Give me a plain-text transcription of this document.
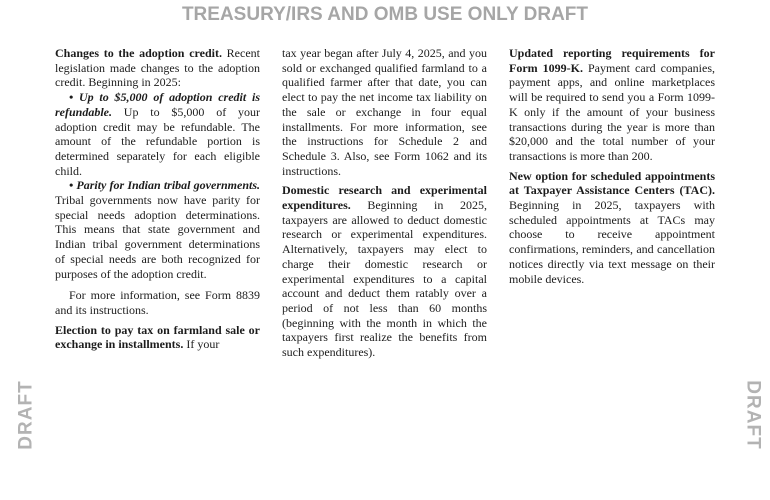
TREASURY/IRS AND OMB USE ONLY DRAFT
DRAFT	DRAFT

Changes to the adoption credit. Recent legislation made changes to the adoption credit. Beginning in 2025:

• Up to $5,000 of adoption credit is refundable. Up to $5,000 of your adoption credit may be refundable. The amount of the refundable portion is determined separately for each eligible child.

• Parity for Indian tribal governments. Tribal governments now have parity for special needs adoption determinations. This means that state government and Indian tribal government determinations of special needs are both recognized for purposes of the adoption credit.

For more information, see Form 8839 and its instructions.

Election to pay tax on farmland sale or exchange in installments. If your

tax year began after July 4, 2025, and you sold or exchanged qualified farmland to a qualified farmer after that date, you can elect to pay the net income tax liability on the sale or exchange in four equal installments. For more information, see the instructions for Schedule 2 and Schedule 3. Also, see Form 1062 and its instructions.

Domestic research and experimental expenditures. Beginning in 2025, taxpayers are allowed to deduct domestic research or experimental expenditures. Alternatively, taxpayers may elect to charge their domestic research or experimental expenditures to a capital account and deduct them ratably over a period of not less than 60 months (beginning with the month in which the taxpayers first realize the benefits from such expenditures).

Updated reporting requirements for Form 1099-K. Payment card companies, payment apps, and online marketplaces will be required to send you a Form 1099-K only if the amount of your business transactions during the year is more than $20,000 and the total number of your transactions is more than 200.

New option for scheduled appointments at Taxpayer Assistance Centers (TAC). Beginning in 2025, taxpayers with scheduled appointments at TACs may choose to receive appointment confirmations, reminders, and cancellation notices directly via text message on their mobile devices.
